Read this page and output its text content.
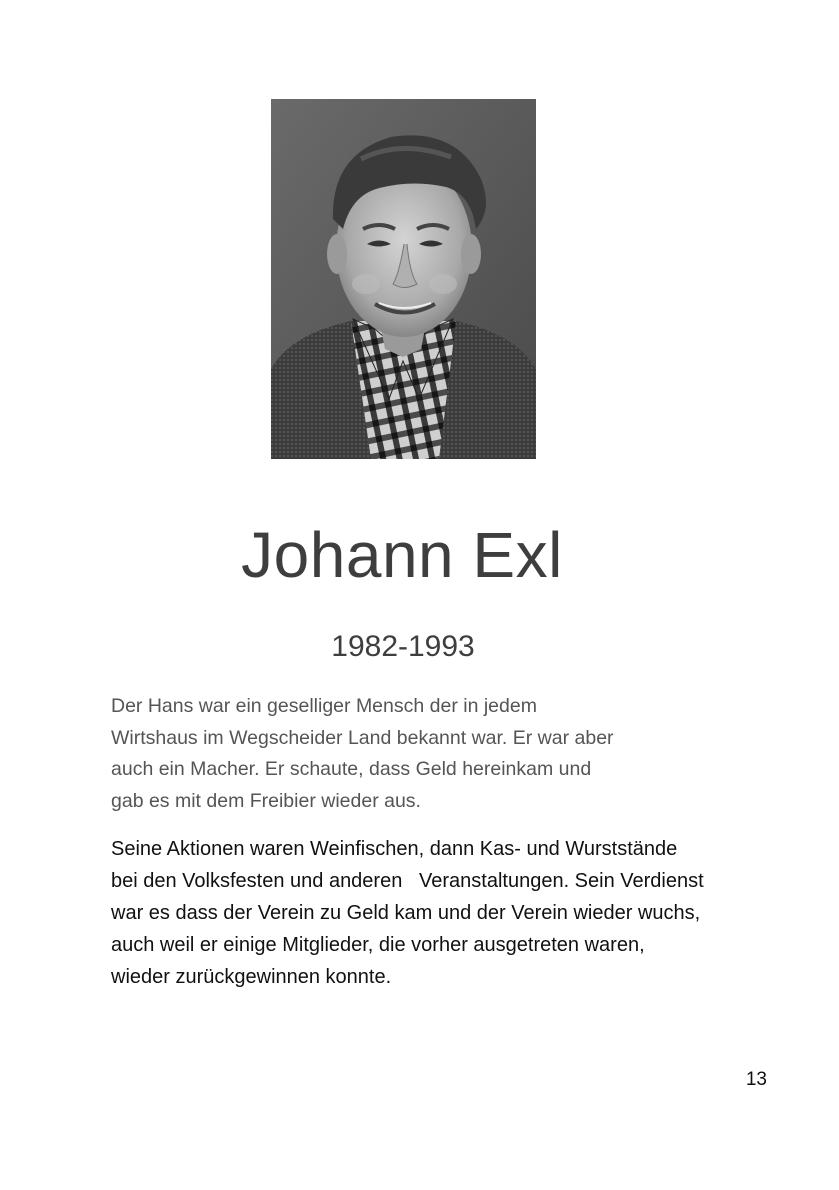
Johann Exl
1982-1993

Der Hans war ein geselliger Mensch der in jedem
Wirtshaus im Wegscheider Land bekannt war. Er war aber
auch ein Macher. Er schaute, dass Geld hereinkam und
gab es mit dem Freibier wieder aus.

Seine Aktionen waren Weinfischen, dann Kas- und Wurststände
bei den Volksfesten und anderen   Veranstaltungen. Sein Verdienst
war es dass der Verein zu Geld kam und der Verein wieder wuchs,
auch weil er einige Mitglieder, die vorher ausgetreten waren,
wieder zurückgewinnen konnte.

13
